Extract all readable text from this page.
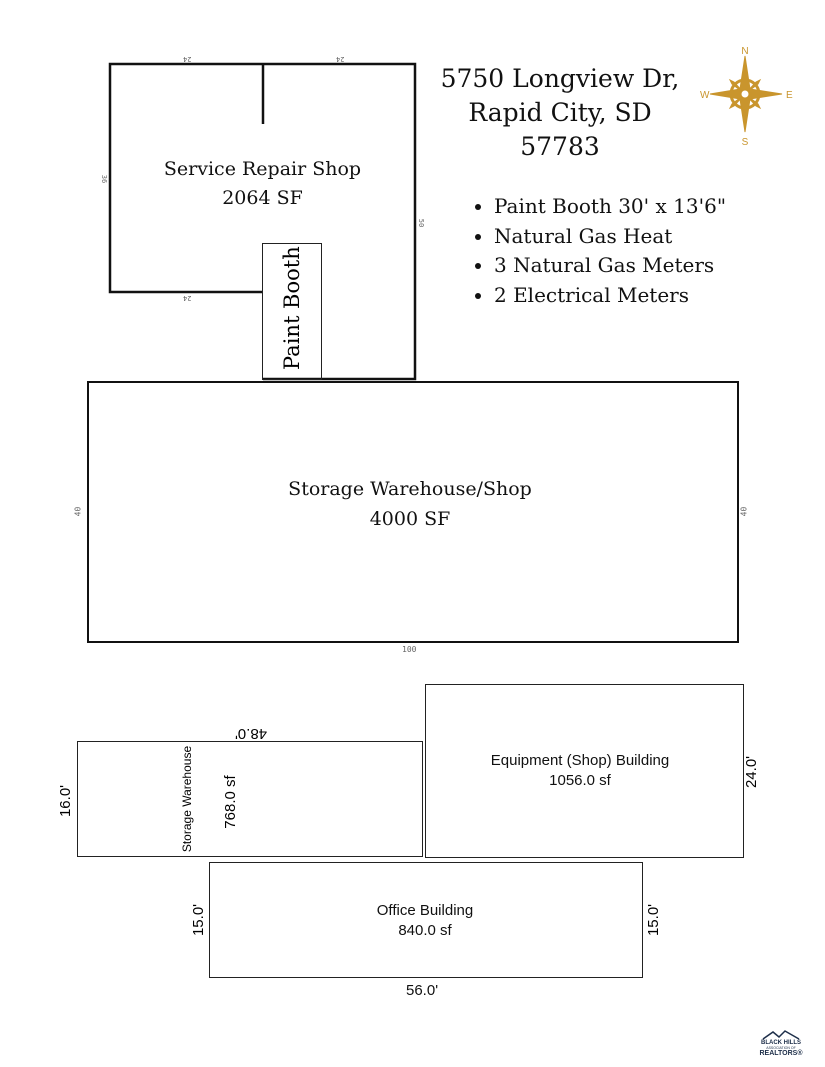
5750 Longview Dr,
Rapid City, SD 57783
N
S
W	E
• Paint Booth 30' x 13'6"
• Natural Gas Heat
• 3 Natural Gas Meters
• 2 Electrical Meters
24	24
36
50
24
Service Repair Shop
2064 SF
Paint Booth
Storage Warehouse/Shop
4000 SF
40	40
100
Equipment (Shop) Building
1056.0 sf	24.0'
48.0'
16.0'	Storage Warehouse 768.0 sf
Office Building
840.0 sf
15.0'	15.0'
56.0'
BLACK HILLS
ASSOCIATION OF
REALTORS®
